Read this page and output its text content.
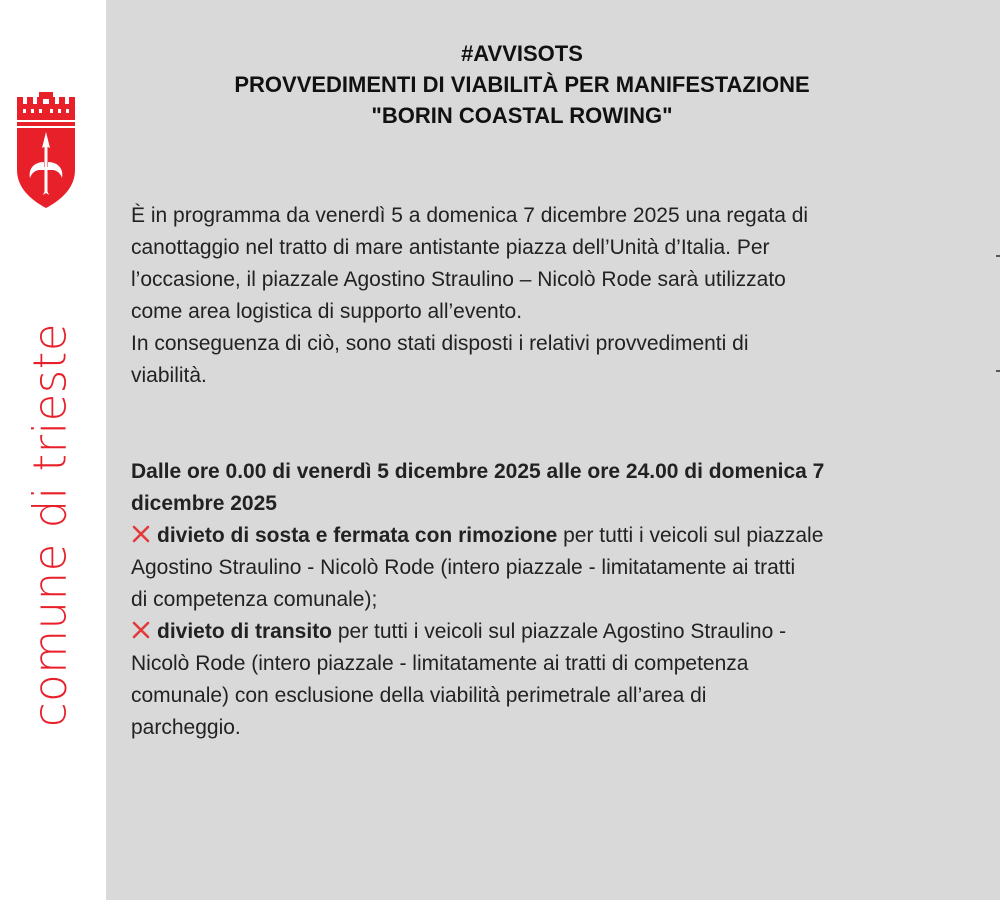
comune di trieste
#AVVISOTS
PROVVEDIMENTI DI VIABILITÀ PER MANIFESTAZIONE
"BORIN COASTAL ROWING"

È in programma da venerdì 5 a domenica 7 dicembre 2025 una regata di

canottaggio nel tratto di mare antistante piazza dell’Unità d’Italia. Per

l’occasione, il piazzale Agostino Straulino – Nicolò Rode sarà utilizzato

come area logistica di supporto all’evento.

In conseguenza di ciò, sono stati disposti i relativi provvedimenti di

viabilità.

Dalle ore 0.00 di venerdì 5 dicembre 2025 alle ore 24.00 di domenica 7

dicembre 2025

divieto di sosta e fermata con rimozione per tutti i veicoli sul piazzale

Agostino Straulino - Nicolò Rode (intero piazzale - limitatamente ai tratti

di competenza comunale);

divieto di transito per tutti i veicoli sul piazzale Agostino Straulino -

Nicolò Rode (intero piazzale - limitatamente ai tratti di competenza

comunale) con esclusione della viabilità perimetrale all’area di

parcheggio.
